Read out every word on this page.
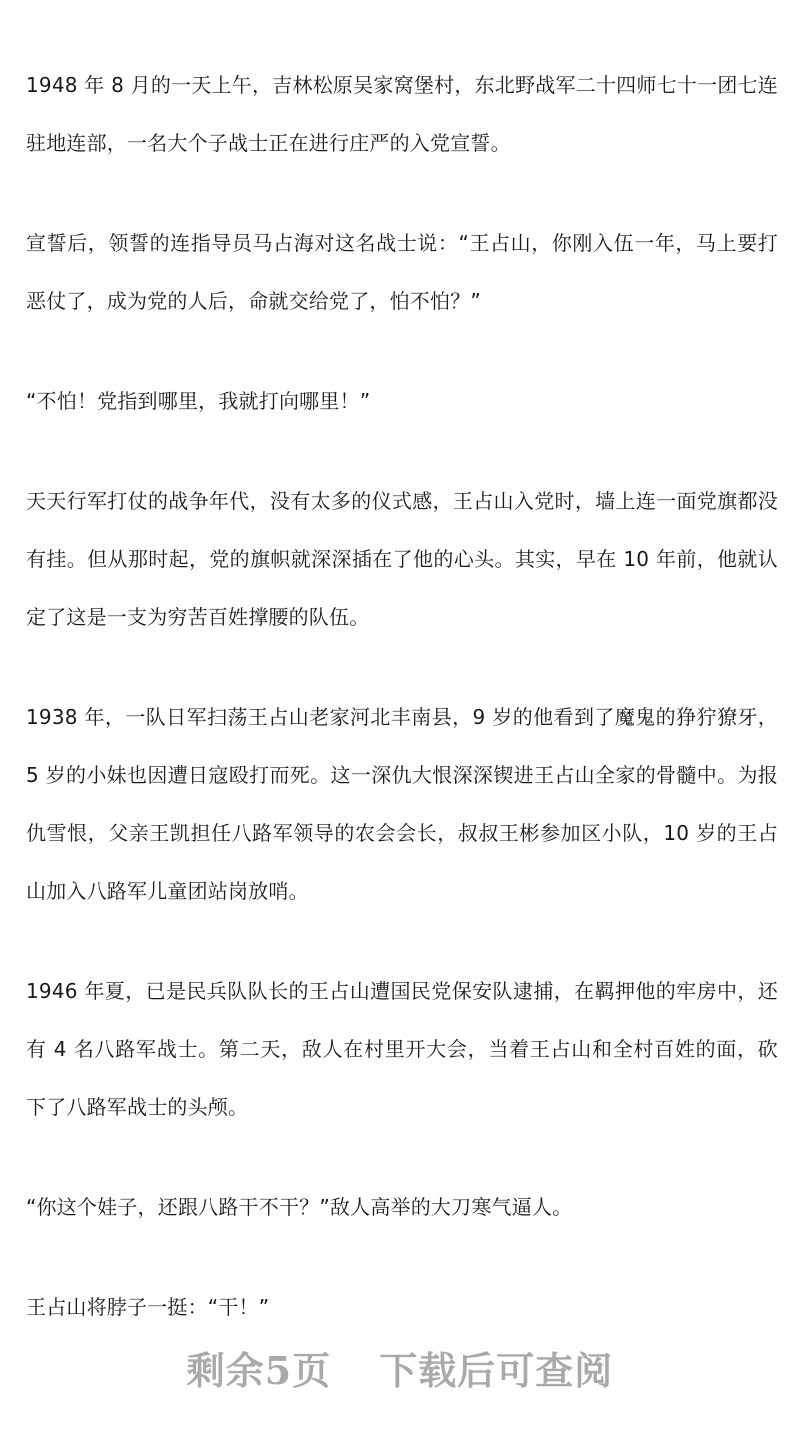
1948 年 8 月的一天上午，吉林松原吴家窝堡村，东北野战军二十四师七十一团七连驻地连部，一名大个子战士正在进行庄严的入党宣誓。

宣誓后，领誓的连指导员马占海对这名战士说：“王占山，你刚入伍一年，马上要打恶仗了，成为党的人后，命就交给党了，怕不怕？”

“不怕！党指到哪里，我就打向哪里！”

天天行军打仗的战争年代，没有太多的仪式感，王占山入党时，墙上连一面党旗都没有挂。但从那时起，党的旗帜就深深插在了他的心头。其实，早在 10 年前，他就认定了这是一支为穷苦百姓撑腰的队伍。

1938 年，一队日军扫荡王占山老家河北丰南县，9 岁的他看到了魔鬼的狰狞獠牙，5 岁的小妹也因遭日寇殴打而死。这一深仇大恨深深锲进王占山全家的骨髓中。为报仇雪恨，父亲王凯担任八路军领导的农会会长，叔叔王彬参加区小队，10 岁的王占山加入八路军儿童团站岗放哨。

1946 年夏，已是民兵队队长的王占山遭国民党保安队逮捕，在羁押他的牢房中，还有 4 名八路军战士。第二天，敌人在村里开大会，当着王占山和全村百姓的面，砍下了八路军战士的头颅。

“你这个娃子，还跟八路干不干？”敌人高举的大刀寒气逼人。

王占山将脖子一挺：“干！”

剩余5页 下载后可查阅
